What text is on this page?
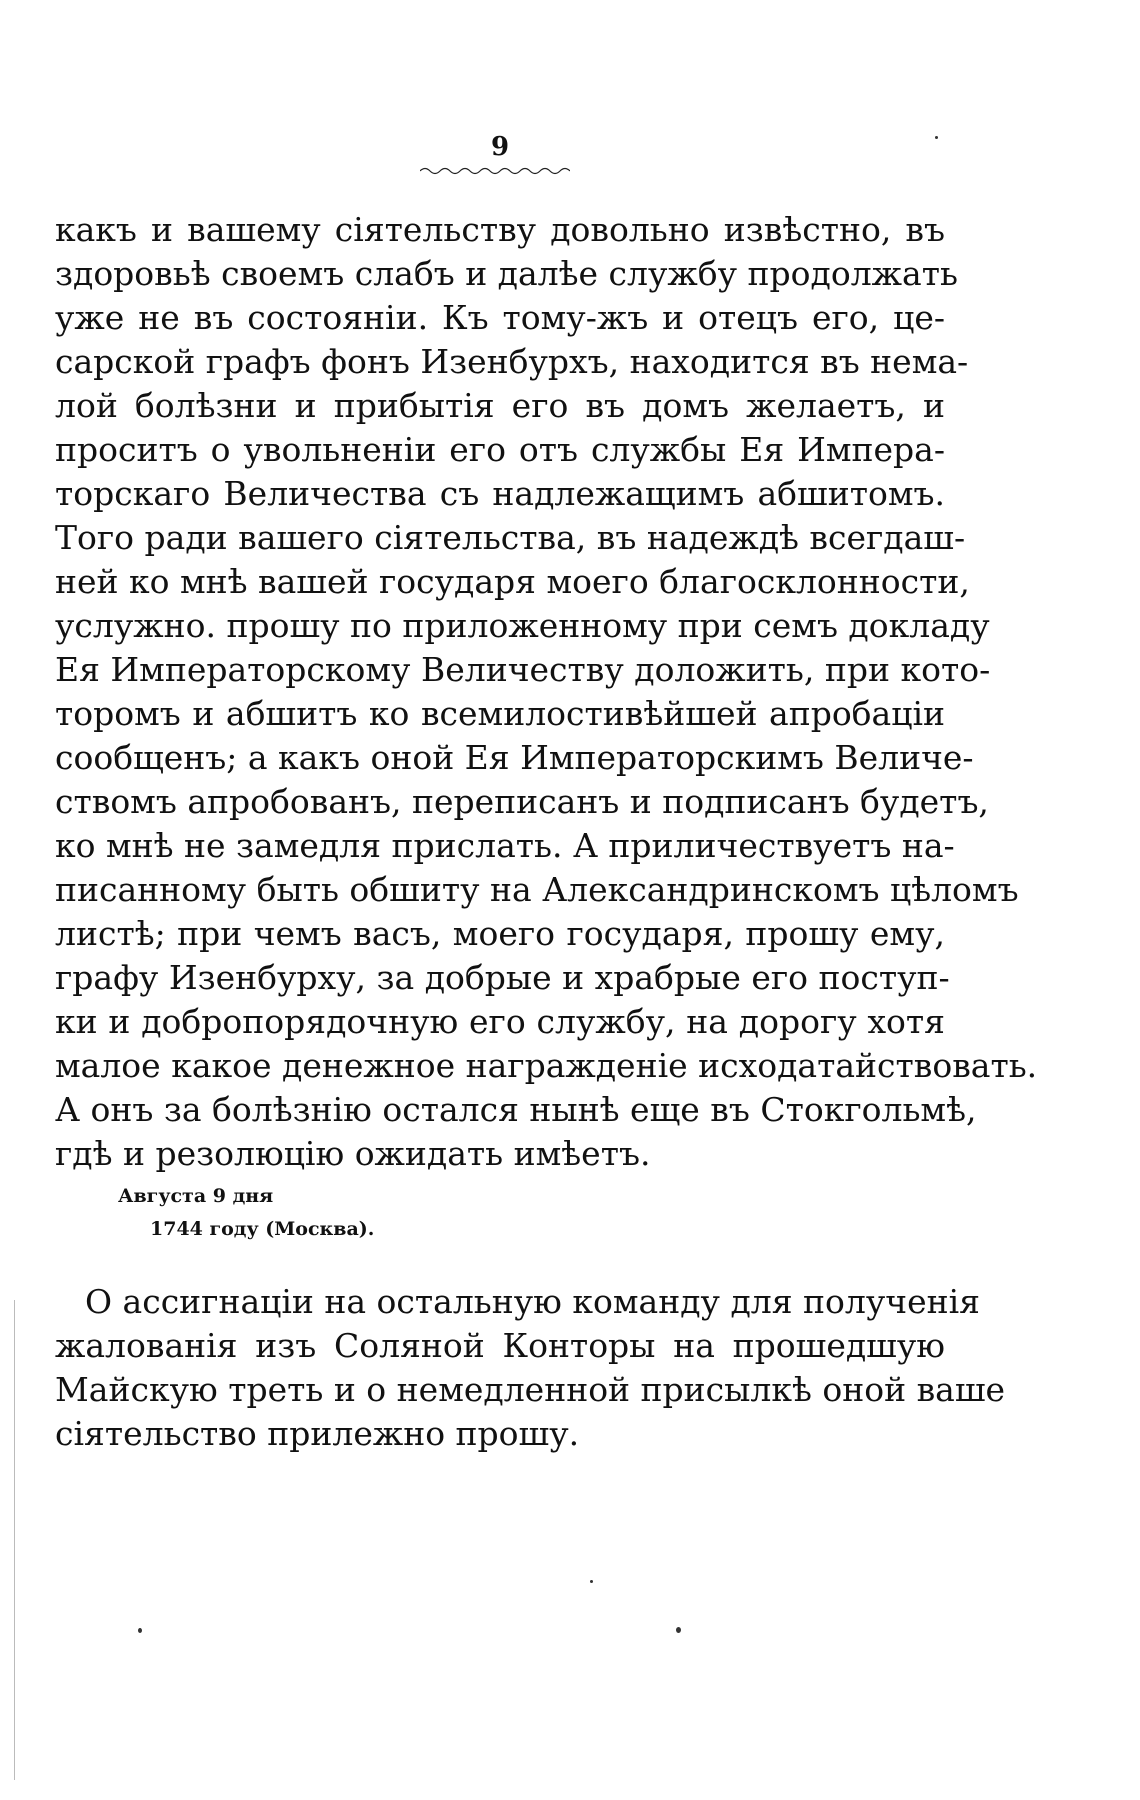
9

какъ и вашему сіятельству довольно извѣстно, въ
здоровьѣ своемъ слабъ и далѣе службу продолжать
уже не въ состояніи. Къ тому-жъ и отецъ его, це-
сарской графъ фонъ Изенбурхъ, находится въ нема-
лой болѣзни и прибытія его въ домъ желаетъ, и
проситъ о увольненіи его отъ службы Ея Импера-
торскаго Величества съ надлежащимъ абшитомъ.
Того ради вашего сіятельства, въ надеждѣ всегдаш-
ней ко мнѣ вашей государя моего благосклонности,
услужно. прошу по приложенному при семъ докладу
Ея Императорскому Величеству доложить, при кото-
торомъ и абшитъ ко всемилостивѣйшей апробаціи
сообщенъ; а какъ оной Ея Императорскимъ Величе-
ствомъ апробованъ, переписанъ и подписанъ будетъ,
ко мнѣ не замедля прислать. А приличествуетъ на-
писанному быть обшиту на Александринскомъ цѣломъ
листѣ; при чемъ васъ, моего государя, прошу ему,
графу Изенбурху, за добрые и храбрые его поступ-
ки и добропорядочную его службу, на дорогу хотя
малое какое денежное награжденіе исходатайствовать.
А онъ за болѣзнію остался нынѣ еще въ Стокгольмѣ,
гдѣ и резолюцію ожидать имѣетъ.

Августа 9 дня
1744 году (Москва).

О ассигнаціи на остальную команду для полученія
жалованія изъ Соляной Конторы на прошедшую
Майскую треть и о немедленной присылкѣ оной ваше
сіятельство прилежно прошу.
